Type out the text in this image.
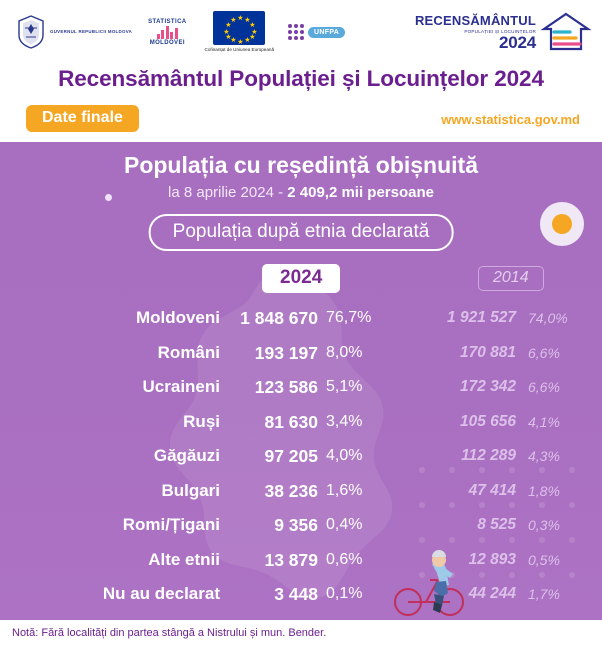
GUVERNUL REPUBLICII MOLDOVA
STATISTICA
MOLDOVEI
★ ★
★
★
★
★
★
★
★
★
★
★
Cofinanțat de Uniunea Europeană
UNFPA
RECENSĂMÂNTUL
POPULAȚIEI ȘI LOCUINȚELOR
2024
Recensământul Populației și Locuințelor 2024
Date finale	www.statistica.gov.md
Populația cu reședință obișnuită
la 8 aprilie 2024 - 2 409,2 mii persoane
Populația după etnia declarată
2024	2014
Moldoveni	1 848 670 76,7%	1 921 527 74,0%
Români	193 197 8,0%	170 881 6,6%
Ucraineni	123 586 5,1%	172 342 6,6%
Ruși	81 630 3,4%	105 656 4,1%
Găgăuzi	97 205 4,0%	112 289 4,3%
Bulgari	38 236 1,6%	47 414 1,8%
Romi/Țigani	9 356 0,4%	8 525 0,3%
Alte etnii	13 879 0,6%	12 893 0,5%
Nu au declarat	3 448 0,1%	44 244 1,7%
Notă: Fără localități din partea stângă a Nistrului și mun. Bender.
